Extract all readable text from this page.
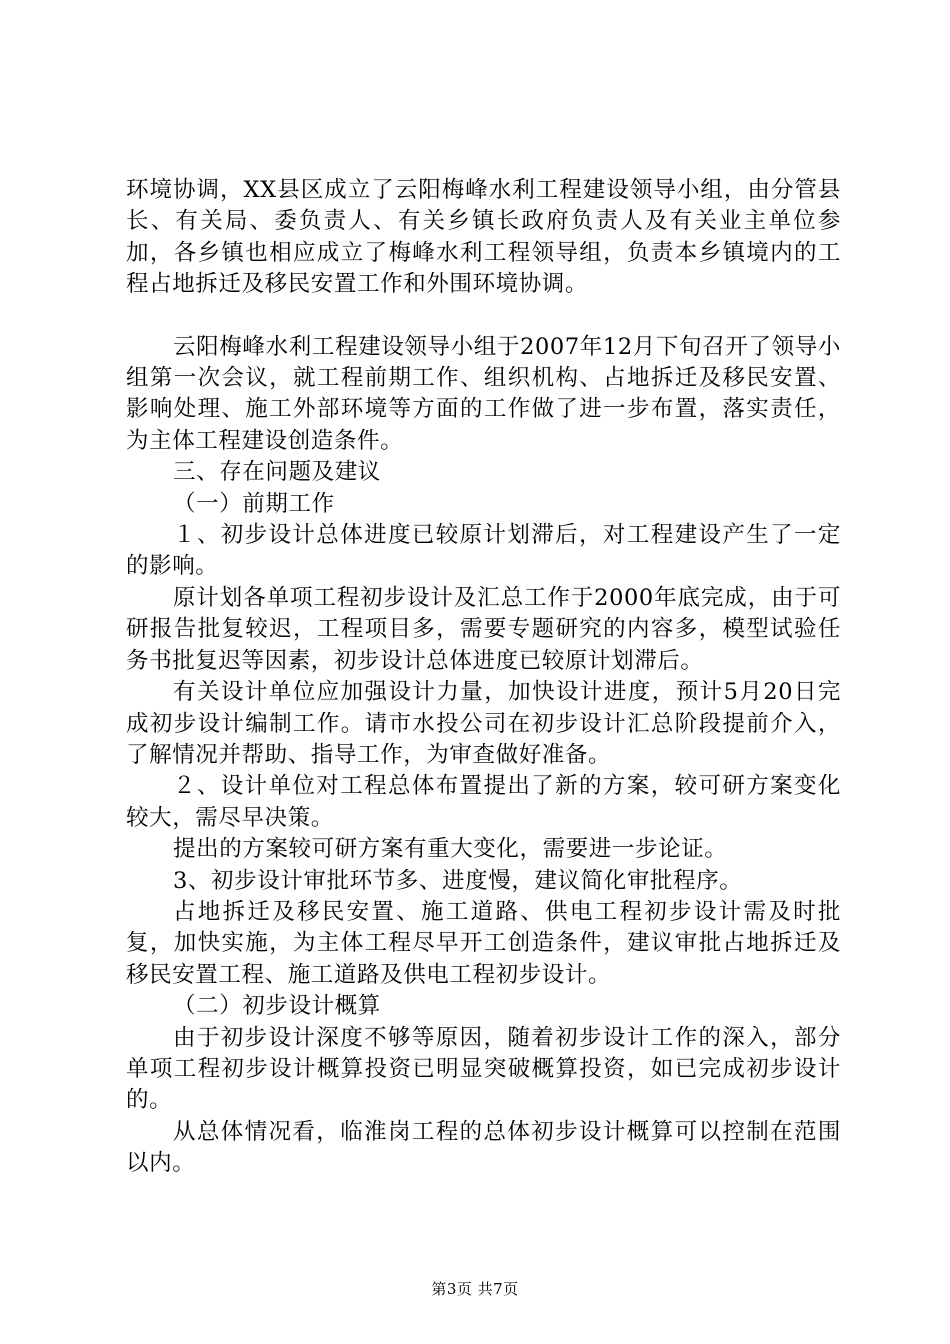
环境协调，XX县区成立了云阳梅峰水利工程建设领导小组，由分管县长、有关局、委负责人、有关乡镇长政府负责人及有关业主单位参加，各乡镇也相应成立了梅峰水利工程领导组，负责本乡镇境内的工程占地拆迁及移民安置工作和外围环境协调。

云阳梅峰水利工程建设领导小组于2007年12月下旬召开了领导小组第一次会议，就工程前期工作、组织机构、占地拆迁及移民安置、影响处理、施工外部环境等方面的工作做了进一步布置，落实责任，为主体工程建设创造条件。

三、存在问题及建议

（一）前期工作

１、初步设计总体进度已较原计划滞后，对工程建设产生了一定的影响。

原计划各单项工程初步设计及汇总工作于2000年底完成，由于可研报告批复较迟，工程项目多，需要专题研究的内容多，模型试验任务书批复迟等因素，初步设计总体进度已较原计划滞后。

有关设计单位应加强设计力量，加快设计进度，预计5月20日完成初步设计编制工作。请市水投公司在初步设计汇总阶段提前介入，了解情况并帮助、指导工作，为审查做好准备。

２、设计单位对工程总体布置提出了新的方案，较可研方案变化较大，需尽早决策。

提出的方案较可研方案有重大变化，需要进一步论证。

3、初步设计审批环节多、进度慢，建议简化审批程序。

占地拆迁及移民安置、施工道路、供电工程初步设计需及时批复，加快实施，为主体工程尽早开工创造条件，建议审批占地拆迁及移民安置工程、施工道路及供电工程初步设计。

（二）初步设计概算

由于初步设计深度不够等原因，随着初步设计工作的深入，部分单项工程初步设计概算投资已明显突破概算投资，如已完成初步设计的。

从总体情况看，临淮岗工程的总体初步设计概算可以控制在范围以内。

第3页 共7页
